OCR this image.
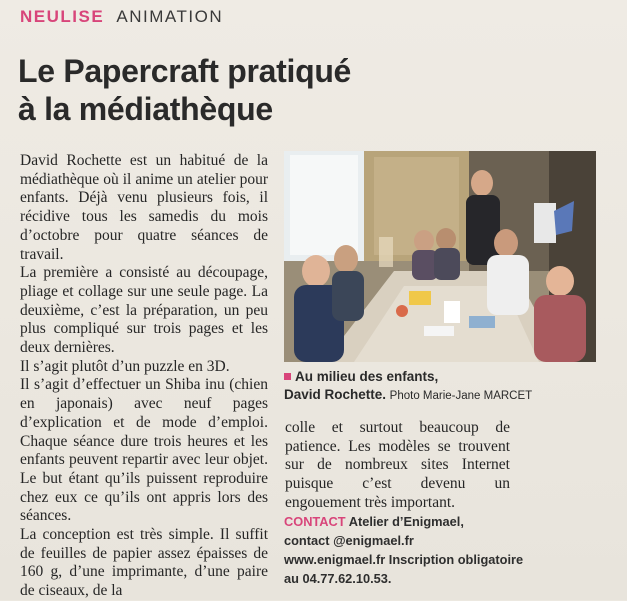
NEULISE ANIMATION
Le Papercraft pratiqué
à la médiathèque

David Rochette est un habitué de la médiathèque où il anime un atelier pour enfants. Déjà venu plusieurs fois, il récidive tous les samedis du mois d’octobre pour quatre séances de travail.

La première a consisté au découpage, pliage et collage sur une seule page. La deuxième, c’est la préparation, un peu plus compliqué sur trois pages et les deux dernières.

Il s’agit plutôt d’un puzzle en 3D.

Il s’agit d’effectuer un Shiba inu (chien en japonais) avec neuf pages d’explication et de mode d’emploi. Chaque séance dure trois heures et les enfants peuvent repartir avec leur objet. Le but étant qu’ils puissent reproduire chez eux ce qu’ils ont appris lors des séances.

La conception est très simple. Il suffit de feuilles de papier assez épaisses de 160 g, d’une imprimante, d’une paire de ciseaux, de la

Au milieu des enfants,
David Rochette. Photo Marie-Jane MARCET

colle et surtout beaucoup de patience. Les modèles se trouvent sur de nombreux sites Internet puisque c’est devenu un engouement très important.

CONTACT Atelier d’Enigmael,
contact @enigmael.fr
www.enigmael.fr Inscription obligatoire
au 04.77.62.10.53.
